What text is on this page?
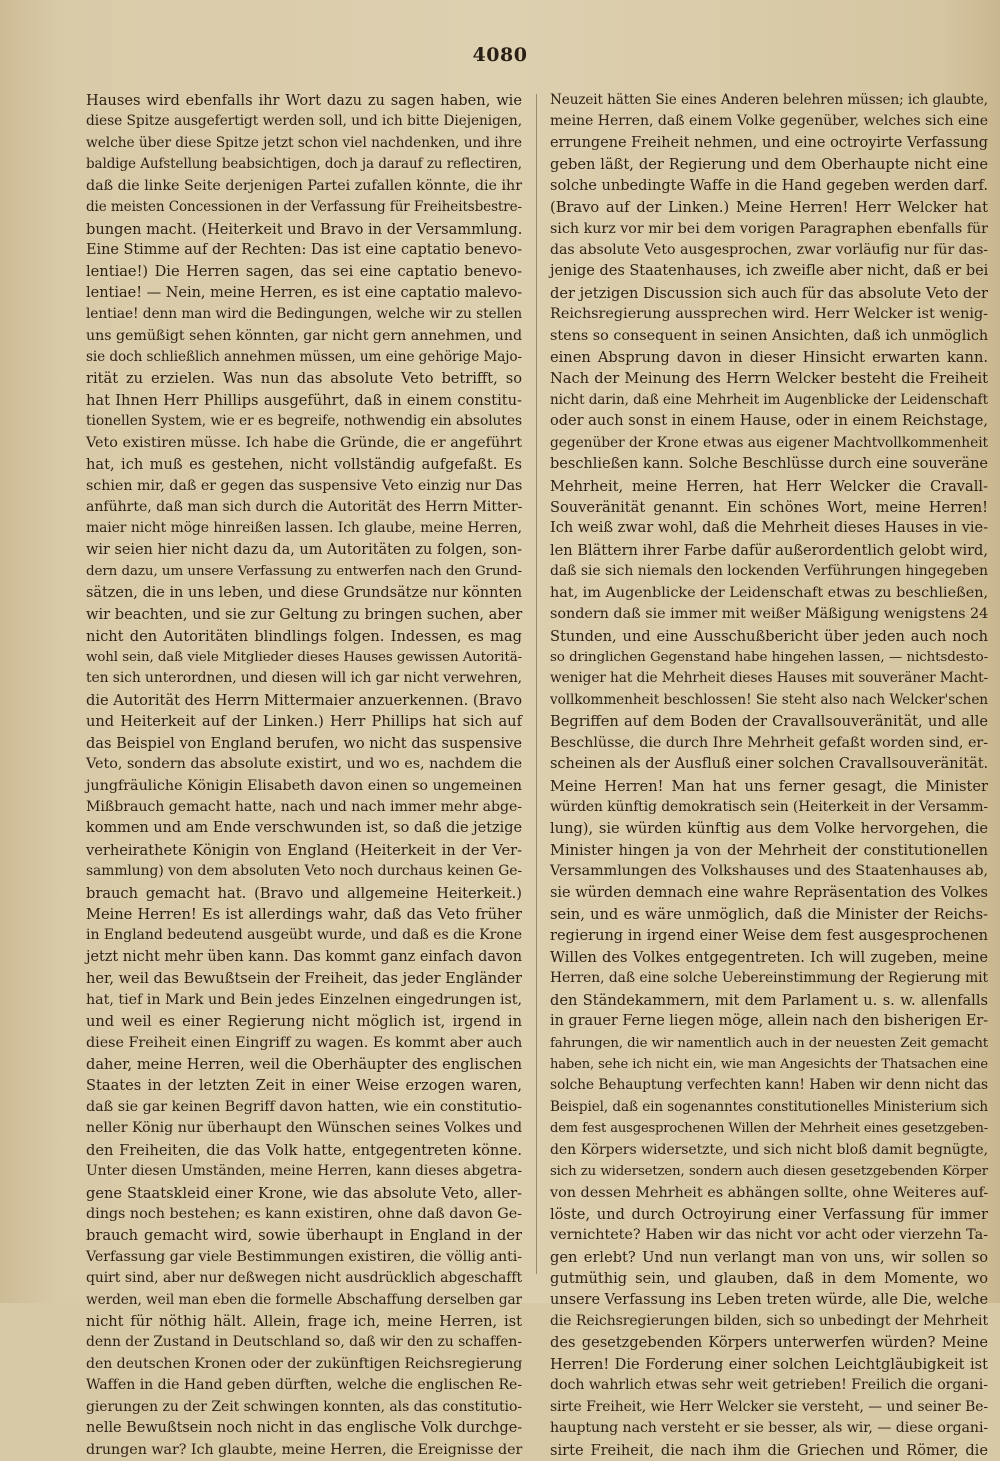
4080
Hauses wird ebenfalls ihr Wort dazu zu sagen haben, wie
diese Spitze ausgefertigt werden soll, und ich bitte Diejenigen,
welche über diese Spitze jetzt schon viel nachdenken, und ihre
baldige Aufstellung beabsichtigen, doch ja darauf zu reflectiren,
daß die linke Seite derjenigen Partei zufallen könnte, die ihr
die meisten Concessionen in der Verfassung für Freiheitsbestre-
bungen macht. (Heiterkeit und Bravo in der Versammlung.
Eine Stimme auf der Rechten: Das ist eine captatio benevo-
lentiae!) Die Herren sagen, das sei eine captatio benevo-
lentiae! — Nein, meine Herren, es ist eine captatio malevo-
lentiae! denn man wird die Bedingungen, welche wir zu stellen
uns gemüßigt sehen könnten, gar nicht gern annehmen, und
sie doch schließlich annehmen müssen, um eine gehörige Majo-
rität zu erzielen. Was nun das absolute Veto betrifft, so
hat Ihnen Herr Phillips ausgeführt, daß in einem constitu-
tionellen System, wie er es begreife, nothwendig ein absolutes
Veto existiren müsse. Ich habe die Gründe, die er angeführt
hat, ich muß es gestehen, nicht vollständig aufgefaßt. Es
schien mir, daß er gegen das suspensive Veto einzig nur Das
anführte, daß man sich durch die Autorität des Herrn Mitter-
maier nicht möge hinreißen lassen. Ich glaube, meine Herren,
wir seien hier nicht dazu da, um Autoritäten zu folgen, son-
dern dazu, um unsere Verfassung zu entwerfen nach den Grund-
sätzen, die in uns leben, und diese Grundsätze nur könnten
wir beachten, und sie zur Geltung zu bringen suchen, aber
nicht den Autoritäten blindlings folgen. Indessen, es mag
wohl sein, daß viele Mitglieder dieses Hauses gewissen Autoritä-
ten sich unterordnen, und diesen will ich gar nicht verwehren,
die Autorität des Herrn Mittermaier anzuerkennen. (Bravo
und Heiterkeit auf der Linken.) Herr Phillips hat sich auf
das Beispiel von England berufen, wo nicht das suspensive
Veto, sondern das absolute existirt, und wo es, nachdem die
jungfräuliche Königin Elisabeth davon einen so ungemeinen
Mißbrauch gemacht hatte, nach und nach immer mehr abge-
kommen und am Ende verschwunden ist, so daß die jetzige
verheirathete Königin von England (Heiterkeit in der Ver-
sammlung) von dem absoluten Veto noch durchaus keinen Ge-
brauch gemacht hat. (Bravo und allgemeine Heiterkeit.)
Meine Herren! Es ist allerdings wahr, daß das Veto früher
in England bedeutend ausgeübt wurde, und daß es die Krone
jetzt nicht mehr üben kann. Das kommt ganz einfach davon
her, weil das Bewußtsein der Freiheit, das jeder Engländer
hat, tief in Mark und Bein jedes Einzelnen eingedrungen ist,
und weil es einer Regierung nicht möglich ist, irgend in
diese Freiheit einen Eingriff zu wagen. Es kommt aber auch
daher, meine Herren, weil die Oberhäupter des englischen
Staates in der letzten Zeit in einer Weise erzogen waren,
daß sie gar keinen Begriff davon hatten, wie ein constitutio-
neller König nur überhaupt den Wünschen seines Volkes und
den Freiheiten, die das Volk hatte, entgegentreten könne.
Unter diesen Umständen, meine Herren, kann dieses abgetra-
gene Staatskleid einer Krone, wie das absolute Veto, aller-
dings noch bestehen; es kann existiren, ohne daß davon Ge-
brauch gemacht wird, sowie überhaupt in England in der
Verfassung gar viele Bestimmungen existiren, die völlig anti-
quirt sind, aber nur deßwegen nicht ausdrücklich abgeschafft
werden, weil man eben die formelle Abschaffung derselben gar
nicht für nöthig hält. Allein, frage ich, meine Herren, ist
denn der Zustand in Deutschland so, daß wir den zu schaffen-
den deutschen Kronen oder der zukünftigen Reichsregierung
Waffen in die Hand geben dürften, welche die englischen Re-
gierungen zu der Zeit schwingen konnten, als das constitutio-
nelle Bewußtsein noch nicht in das englische Volk durchge-
drungen war? Ich glaubte, meine Herren, die Ereignisse der
Neuzeit hätten Sie eines Anderen belehren müssen; ich glaubte,
meine Herren, daß einem Volke gegenüber, welches sich eine
errungene Freiheit nehmen, und eine octroyirte Verfassung
geben läßt, der Regierung und dem Oberhaupte nicht eine
solche unbedingte Waffe in die Hand gegeben werden darf.
(Bravo auf der Linken.) Meine Herren! Herr Welcker hat
sich kurz vor mir bei dem vorigen Paragraphen ebenfalls für
das absolute Veto ausgesprochen, zwar vorläufig nur für das-
jenige des Staatenhauses, ich zweifle aber nicht, daß er bei
der jetzigen Discussion sich auch für das absolute Veto der
Reichsregierung aussprechen wird. Herr Welcker ist wenig-
stens so consequent in seinen Ansichten, daß ich unmöglich
einen Absprung davon in dieser Hinsicht erwarten kann.
Nach der Meinung des Herrn Welcker besteht die Freiheit
nicht darin, daß eine Mehrheit im Augenblicke der Leidenschaft
oder auch sonst in einem Hause, oder in einem Reichstage,
gegenüber der Krone etwas aus eigener Machtvollkommenheit
beschließen kann. Solche Beschlüsse durch eine souveräne
Mehrheit, meine Herren, hat Herr Welcker die Cravall-
Souveränität genannt. Ein schönes Wort, meine Herren!
Ich weiß zwar wohl, daß die Mehrheit dieses Hauses in vie-
len Blättern ihrer Farbe dafür außerordentlich gelobt wird,
daß sie sich niemals den lockenden Verführungen hingegeben
hat, im Augenblicke der Leidenschaft etwas zu beschließen,
sondern daß sie immer mit weißer Mäßigung wenigstens 24
Stunden, und eine Ausschußbericht über jeden auch noch
so dringlichen Gegenstand habe hingehen lassen, — nichtsdesto-
weniger hat die Mehrheit dieses Hauses mit souveräner Macht-
vollkommenheit beschlossen! Sie steht also nach Welcker'schen
Begriffen auf dem Boden der Cravallsouveränität, und alle
Beschlüsse, die durch Ihre Mehrheit gefaßt worden sind, er-
scheinen als der Ausfluß einer solchen Cravallsouveränität.
Meine Herren! Man hat uns ferner gesagt, die Minister
würden künftig demokratisch sein (Heiterkeit in der Versamm-
lung), sie würden künftig aus dem Volke hervorgehen, die
Minister hingen ja von der Mehrheit der constitutionellen
Versammlungen des Volkshauses und des Staatenhauses ab,
sie würden demnach eine wahre Repräsentation des Volkes
sein, und es wäre unmöglich, daß die Minister der Reichs-
regierung in irgend einer Weise dem fest ausgesprochenen
Willen des Volkes entgegentreten. Ich will zugeben, meine
Herren, daß eine solche Uebereinstimmung der Regierung mit
den Ständekammern, mit dem Parlament u. s. w. allenfalls
in grauer Ferne liegen möge, allein nach den bisherigen Er-
fahrungen, die wir namentlich auch in der neuesten Zeit gemacht
haben, sehe ich nicht ein, wie man Angesichts der Thatsachen eine
solche Behauptung verfechten kann! Haben wir denn nicht das
Beispiel, daß ein sogenanntes constitutionelles Ministerium sich
dem fest ausgesprochenen Willen der Mehrheit eines gesetzgeben-
den Körpers widersetzte, und sich nicht bloß damit begnügte,
sich zu widersetzen, sondern auch diesen gesetzgebenden Körper
von dessen Mehrheit es abhängen sollte, ohne Weiteres auf-
löste, und durch Octroyirung einer Verfassung für immer
vernichtete? Haben wir das nicht vor acht oder vierzehn Ta-
gen erlebt? Und nun verlangt man von uns, wir sollen so
gutmüthig sein, und glauben, daß in dem Momente, wo
unsere Verfassung ins Leben treten würde, alle Die, welche
die Reichsregierungen bilden, sich so unbedingt der Mehrheit
des gesetzgebenden Körpers unterwerfen würden? Meine
Herren! Die Forderung einer solchen Leichtgläubigkeit ist
doch wahrlich etwas sehr weit getrieben! Freilich die organi-
sirte Freiheit, wie Herr Welcker sie versteht, — und seiner Be-
hauptung nach versteht er sie besser, als wir, — diese organi-
sirte Freiheit, die nach ihm die Griechen und Römer, die
